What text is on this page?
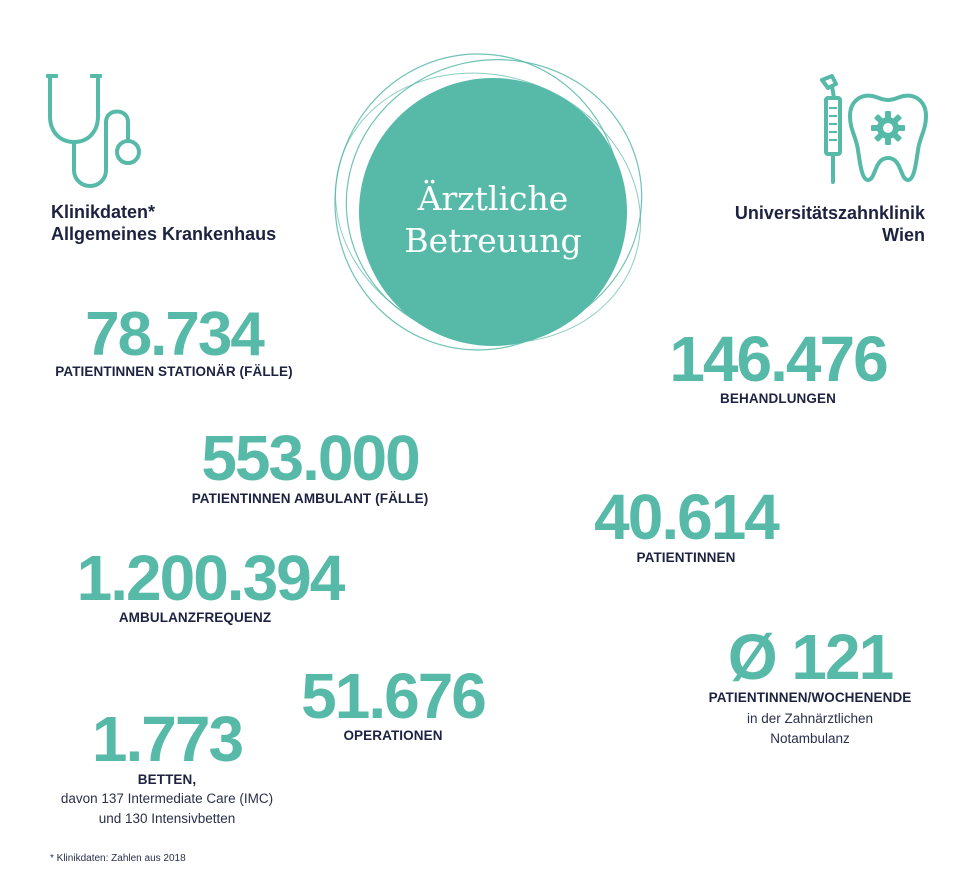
Klinikdaten*
Allgemeines Krankenhaus
Ärztliche
Betreuung
Universitätszahnklinik
Wien
78.734
PATIENTINNEN STATIONÄR (FÄLLE)	146.476
BEHANDLUNGEN
553.000
PATIENTINNEN AMBULANT (FÄLLE)	40.614
PATIENTINNEN
1.200.394
AMBULANZFREQUENZ
Ø 121
PATIENTINNEN/WOCHENENDE
in der Zahnärztlichen
Notambulanz
51.676
OPERATIONEN
1.773
BETTEN,
davon 137 Intermediate Care (IMC)
und 130 Intensivbetten
* Klinikdaten: Zahlen aus 2018
